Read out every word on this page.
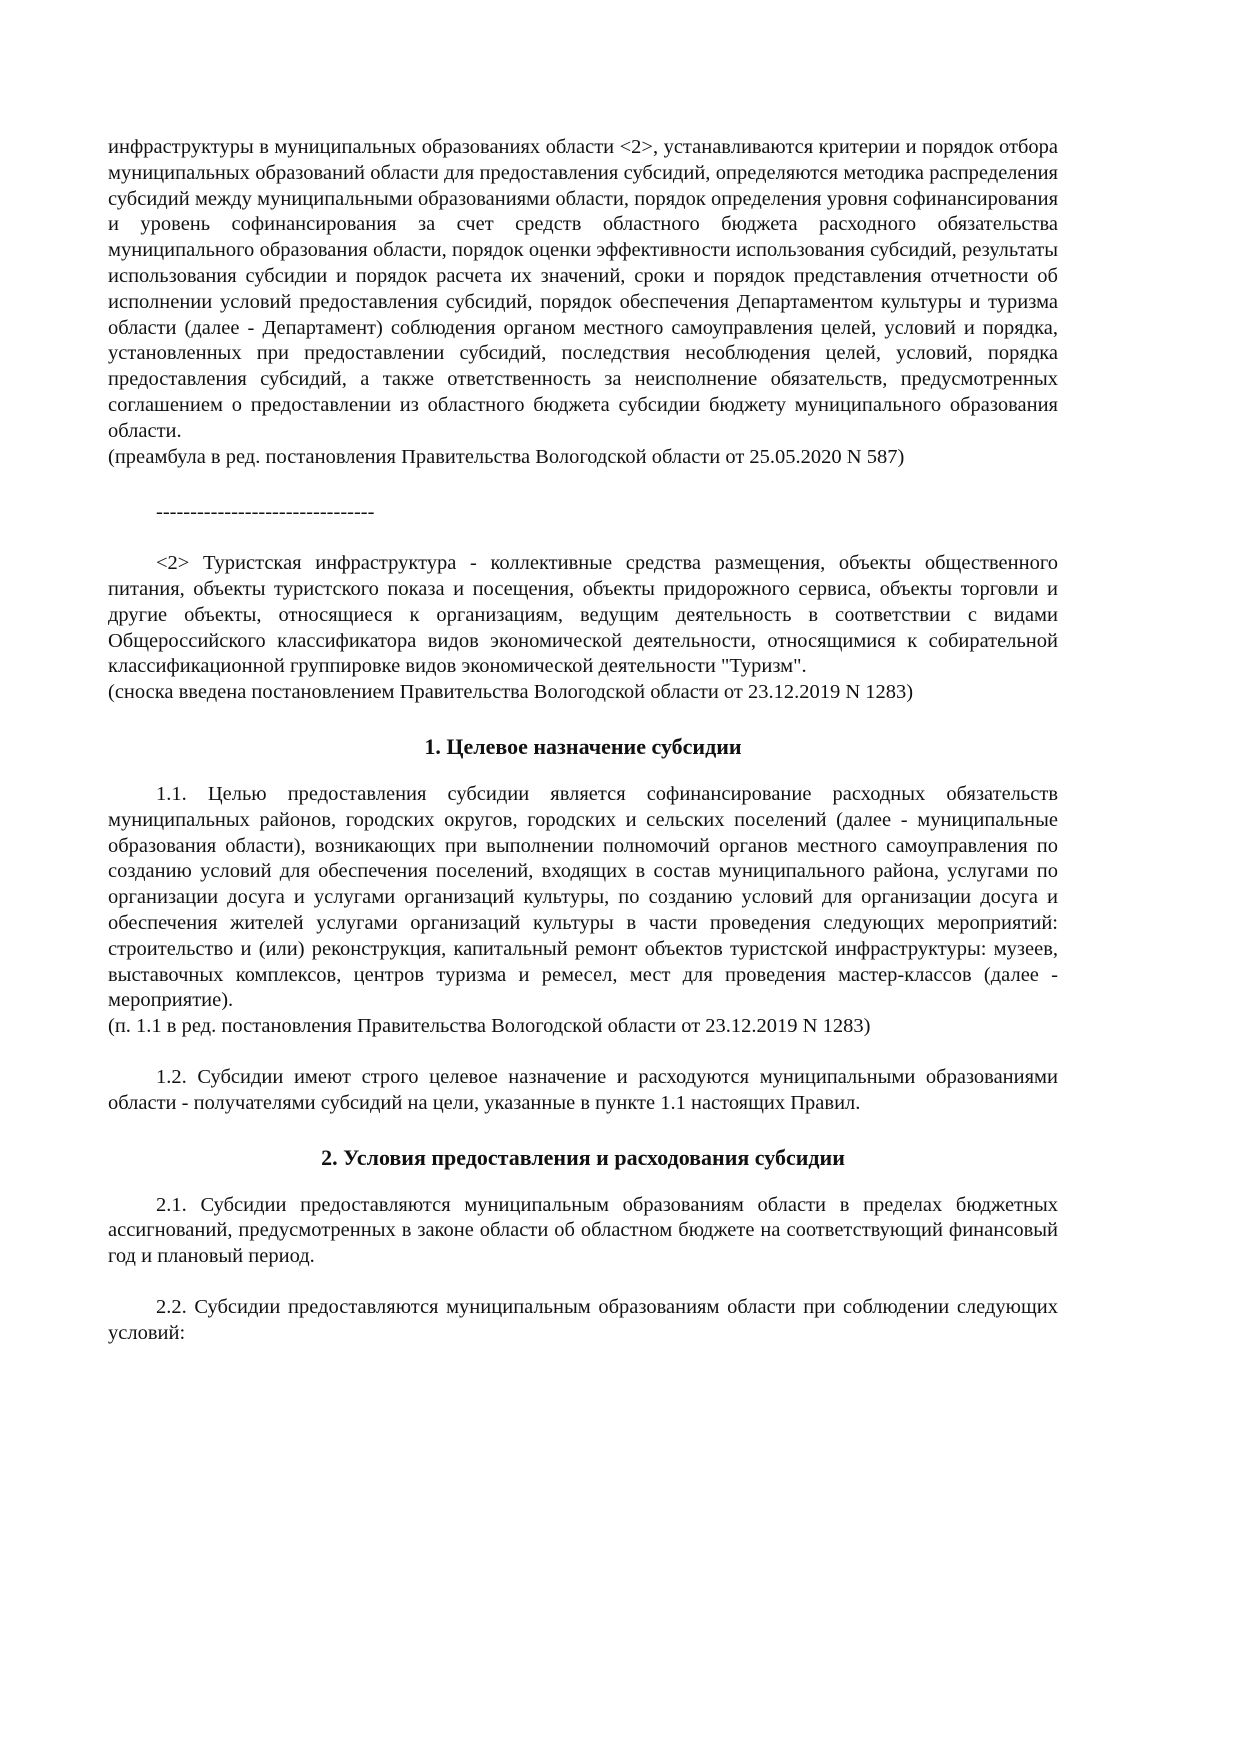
инфраструктуры в муниципальных образованиях области <2>, устанавливаются критерии и порядок отбора муниципальных образований области для предоставления субсидий, определяются методика распределения субсидий между муниципальными образованиями области, порядок определения уровня софинансирования и уровень софинансирования за счет средств областного бюджета расходного обязательства муниципального образования области, порядок оценки эффективности использования субсидий, результаты использования субсидии и порядок расчета их значений, сроки и порядок представления отчетности об исполнении условий предоставления субсидий, порядок обеспечения Департаментом культуры и туризма области (далее - Департамент) соблюдения органом местного самоуправления целей, условий и порядка, установленных при предоставлении субсидий, последствия несоблюдения целей, условий, порядка предоставления субсидий, а также ответственность за неисполнение обязательств, предусмотренных соглашением о предоставлении из областного бюджета субсидии бюджету муниципального образования области.

(преамбула в ред. постановления Правительства Вологодской области от 25.05.2020 N 587)

--------------------------------

<2> Туристская инфраструктура - коллективные средства размещения, объекты общественного питания, объекты туристского показа и посещения, объекты придорожного сервиса, объекты торговли и другие объекты, относящиеся к организациям, ведущим деятельность в соответствии с видами Общероссийского классификатора видов экономической деятельности, относящимися к собирательной классификационной группировке видов экономической деятельности "Туризм".

(сноска введена постановлением Правительства Вологодской области от 23.12.2019 N 1283)

1. Целевое назначение субсидии

1.1. Целью предоставления субсидии является софинансирование расходных обязательств муниципальных районов, городских округов, городских и сельских поселений (далее - муниципальные образования области), возникающих при выполнении полномочий органов местного самоуправления по созданию условий для обеспечения поселений, входящих в состав муниципального района, услугами по организации досуга и услугами организаций культуры, по созданию условий для организации досуга и обеспечения жителей услугами организаций культуры в части проведения следующих мероприятий: строительство и (или) реконструкция, капитальный ремонт объектов туристской инфраструктуры: музеев, выставочных комплексов, центров туризма и ремесел, мест для проведения мастер-классов (далее - мероприятие).

(п. 1.1 в ред. постановления Правительства Вологодской области от 23.12.2019 N 1283)

1.2. Субсидии имеют строго целевое назначение и расходуются муниципальными образованиями области - получателями субсидий на цели, указанные в пункте 1.1 настоящих Правил.

2. Условия предоставления и расходования субсидии

2.1. Субсидии предоставляются муниципальным образованиям области в пределах бюджетных ассигнований, предусмотренных в законе области об областном бюджете на соответствующий финансовый год и плановый период.

2.2. Субсидии предоставляются муниципальным образованиям области при соблюдении следующих условий:
